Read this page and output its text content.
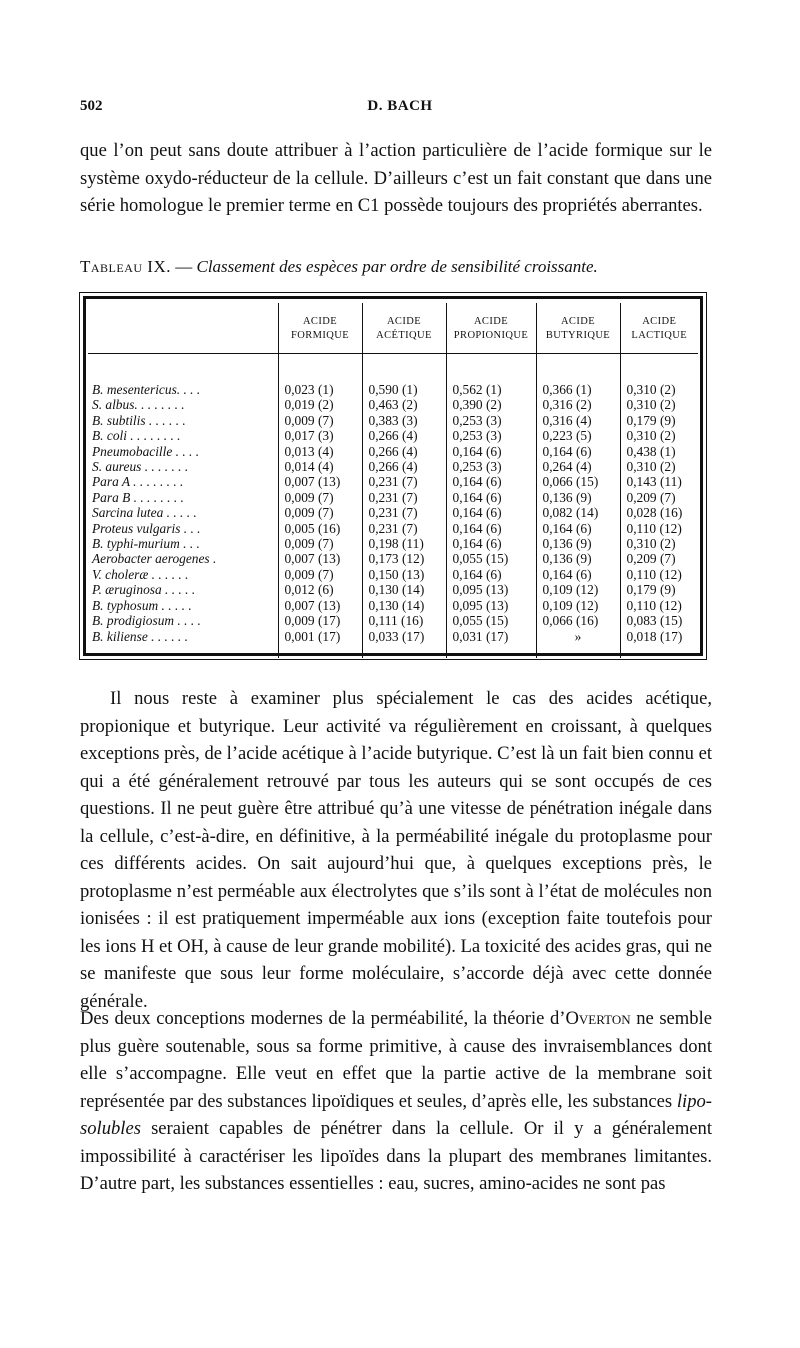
502	D. BACH

que l’on peut sans doute attribuer à l’action particulière de l’acide formique sur le système oxydo-réducteur de la cellule. D’ailleurs c’est un fait constant que dans une série homologue le premier terme en C1 possède toujours des propriétés aberrantes.

Tableau IX. — Classement des espèces par ordre de sensibilité croissante.
	ACIDE FORMIQUE	ACIDE ACÉTIQUE	ACIDE PROPIONIQUE	ACIDE BUTYRIQUE	ACIDE LACTIQUE
B. mesentericus. . . .	0,023 (1)	0,590 (1)	0,562 (1)	0,366 (1)	0,310 (2)
S. albus. . . . . . . .	0,019 (2)	0,463 (2)	0,390 (2)	0,316 (2)	0,310 (2)
B. subtilis . . . . . .	0,009 (7)	0,383 (3)	0,253 (3)	0,316 (4)	0,179 (9)
B. coli . . . . . . . .	0,017 (3)	0,266 (4)	0,253 (3)	0,223 (5)	0,310 (2)
Pneumobacille . . . .	0,013 (4)	0,266 (4)	0,164 (6)	0,164 (6)	0,438 (1)
S. aureus . . . . . . .	0,014 (4)	0,266 (4)	0,253 (3)	0,264 (4)	0,310 (2)
Para A . . . . . . . .	0,007 (13)	0,231 (7)	0,164 (6)	0,066 (15)	0,143 (11)
Para B . . . . . . . .	0,009 (7)	0,231 (7)	0,164 (6)	0,136 (9)	0,209 (7)
Sarcina lutea . . . . .	0,009 (7)	0,231 (7)	0,164 (6)	0,082 (14)	0,028 (16)
Proteus vulgaris . . .	0,005 (16)	0,231 (7)	0,164 (6)	0,164 (6)	0,110 (12)
B. typhi-murium . . .	0,009 (7)	0,198 (11)	0,164 (6)	0,136 (9)	0,310 (2)
Aerobacter aerogenes .	0,007 (13)	0,173 (12)	0,055 (15)	0,136 (9)	0,209 (7)
V. choleræ . . . . . .	0,009 (7)	0,150 (13)	0,164 (6)	0,164 (6)	0,110 (12)
P. æruginosa . . . . .	0,012 (6)	0,130 (14)	0,095 (13)	0,109 (12)	0,179 (9)
B. typhosum . . . . .	0,007 (13)	0,130 (14)	0,095 (13)	0,109 (12)	0,110 (12)
B. prodigiosum . . . .	0,009 (17)	0,111 (16)	0,055 (15)	0,066 (16)	0,083 (15)
B. kiliense . . . . . .	0,001 (17)	0,033 (17)	0,031 (17)	»	0,018 (17)

Il nous reste à examiner plus spécialement le cas des acides acétique, propionique et butyrique. Leur activité va régulièrement en croissant, à quelques exceptions près, de l’acide acétique à l’acide butyrique. C’est là un fait bien connu et qui a été généralement retrouvé par tous les auteurs qui se sont occupés de ces questions. Il ne peut guère être attribué qu’à une vitesse de pénétration inégale dans la cellule, c’est-à-dire, en définitive, à la perméabilité inégale du protoplasme pour ces différents acides. On sait aujourd’hui que, à quelques exceptions près, le protoplasme n’est perméable aux électrolytes que s’ils sont à l’état de molécules non ionisées : il est pratiquement imperméable aux ions (exception faite toutefois pour les ions H et OH, à cause de leur grande mobilité). La toxicité des acides gras, qui ne se manifeste que sous leur forme moléculaire, s’accorde déjà avec cette donnée générale.

Des deux conceptions modernes de la perméabilité, la théorie d’Overton ne semble plus guère soutenable, sous sa forme primitive, à cause des invraisemblances dont elle s’accompagne. Elle veut en effet que la partie active de la membrane soit représentée par des substances lipoïdiques et seules, d’après elle, les substances lipo-solubles seraient capables de pénétrer dans la cellule. Or il y a généralement impossibilité à caractériser les lipoïdes dans la plupart des membranes limitantes. D’autre part, les substances essentielles : eau, sucres, amino-acides ne sont pas
